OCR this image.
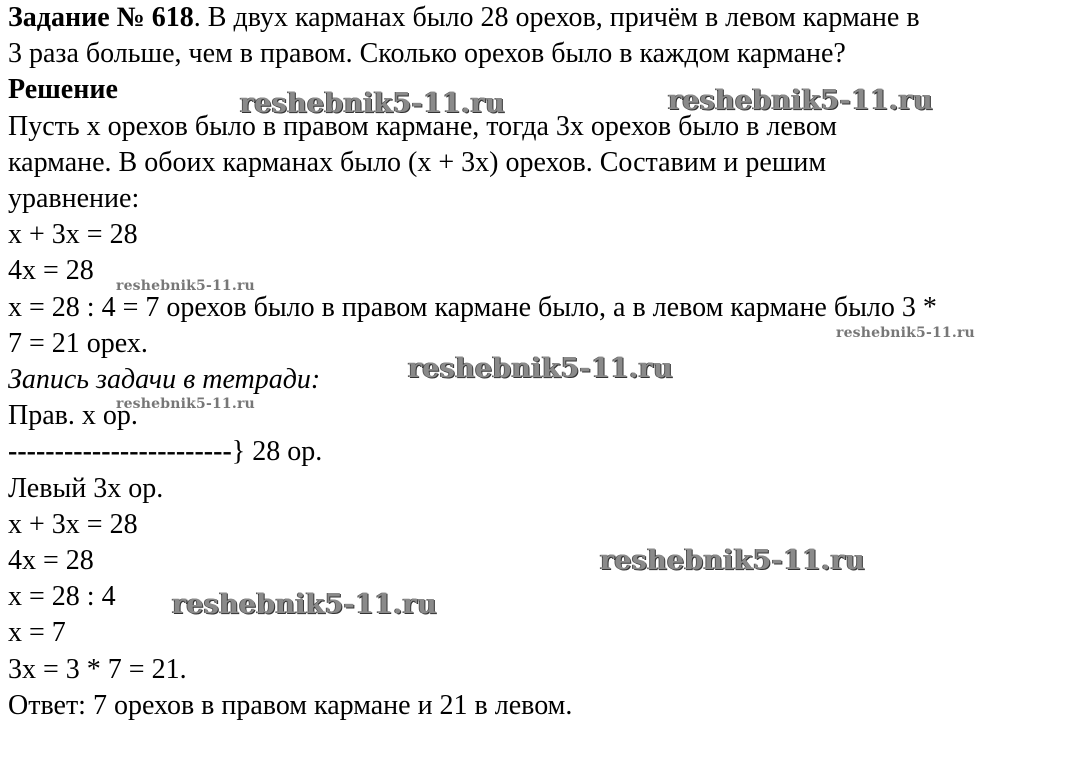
Задание № 618. В двух карманах было 28 орехов, причём в левом кармане в
3 раза больше, чем в правом. Сколько орехов было в каждом кармане?
Решение
Пусть x орехов было в правом кармане, тогда 3x орехов было в левом
кармане. В обоих карманах было (x + 3x) орехов. Составим и решим
уравнение:
x + 3x = 28
4x = 28
x = 28 : 4 = 7 орехов было в правом кармане было, а в левом кармане было 3 *
7 = 21 орех.
Запись задачи в тетради:
Прав. x ор.
------------------------} 28 ор.
Левый 3x ор.
x + 3x = 28
4x = 28
x = 28 : 4
x = 7
3x = 3 * 7 = 21.
Ответ: 7 орехов в правом кармане и 21 в левом.
reshebnik5-11.ru	reshebnik5-11.ru
reshebnik5-11.ru
reshebnik5-11.ru
reshebnik5-11.ru
reshebnik5-11.ru
reshebnik5-11.ru
reshebnik5-11.ru
